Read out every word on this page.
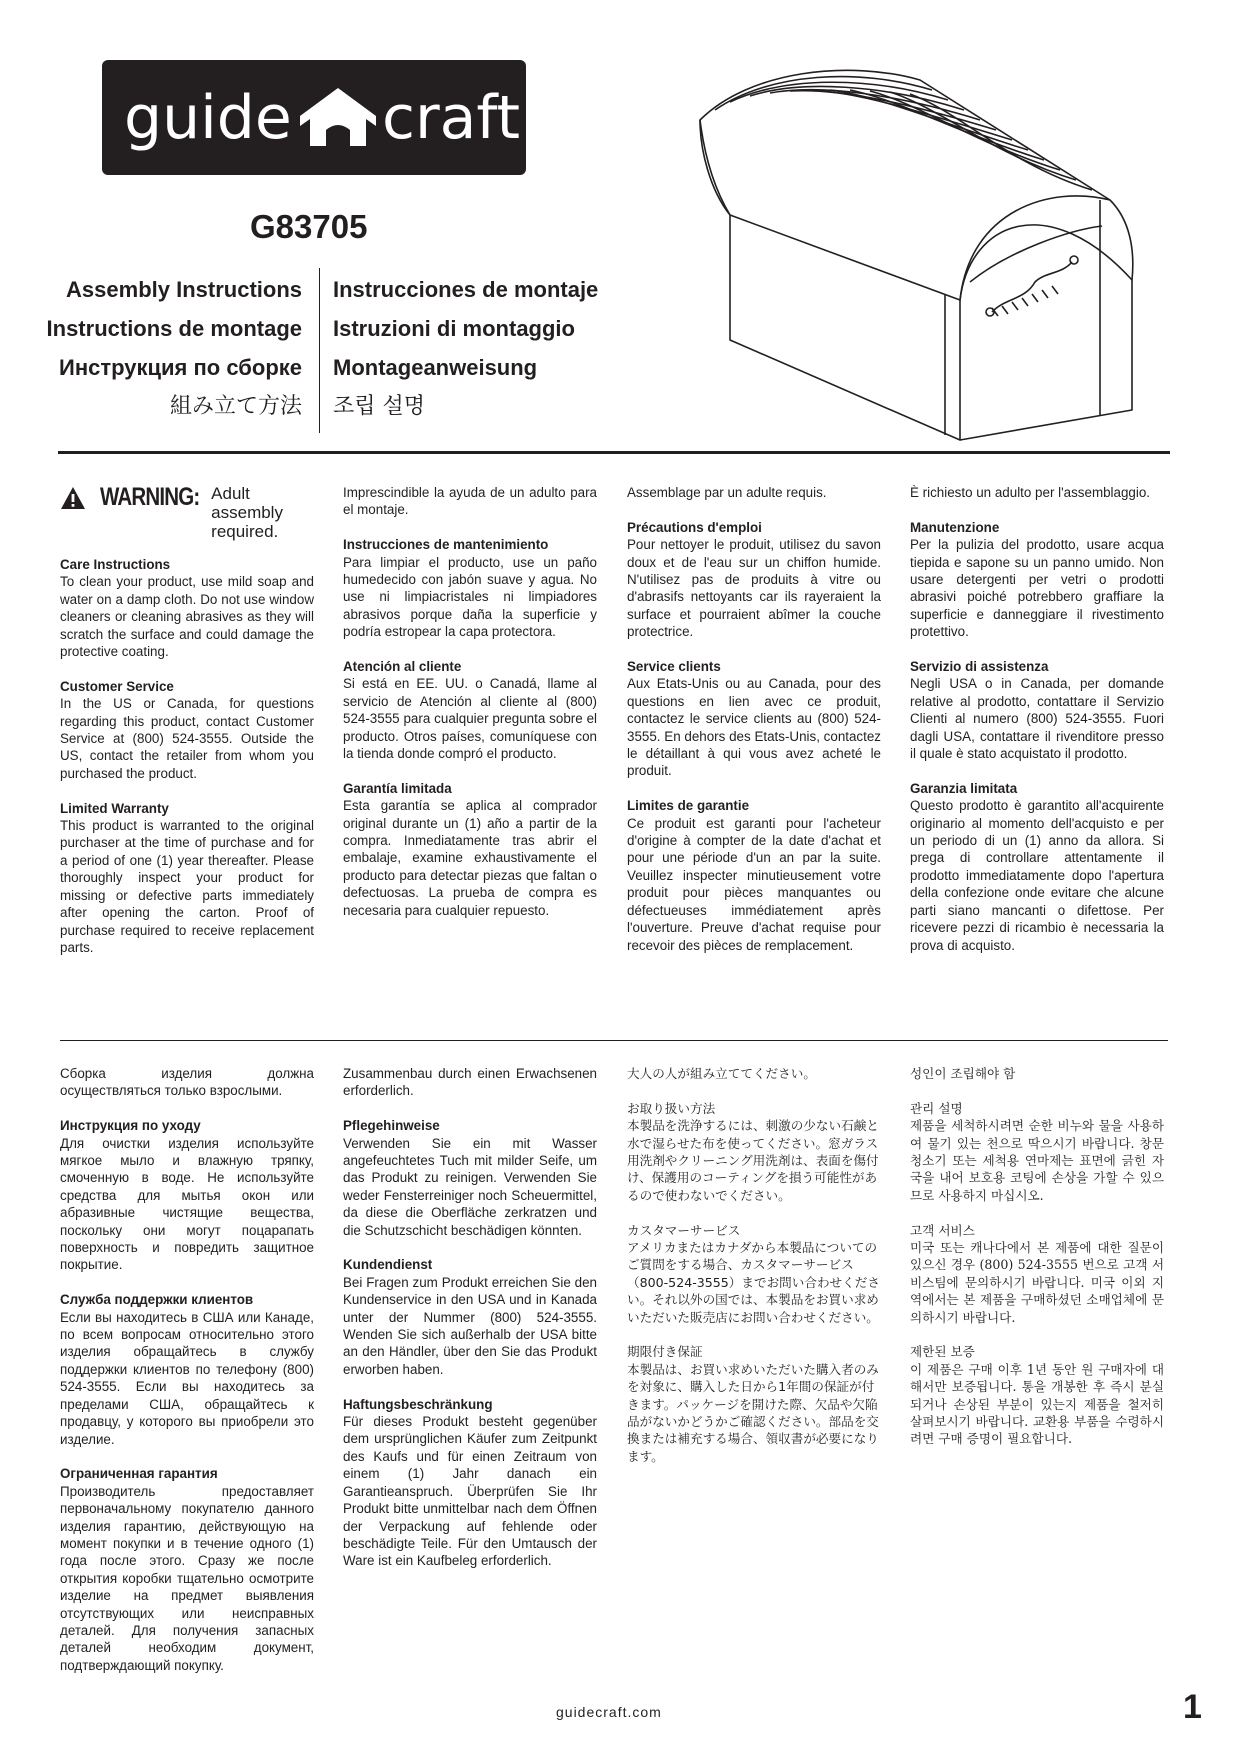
guide craft
G83705
Assembly Instructions
Instructions de montage
Инструкция по сборке
組み立て方法
Instrucciones de montaje
Istruzioni di montaggio
Montageanweisung
조립 설명
WARNING: Adult assembly required.
Care Instructions

To clean your product, use mild soap and water on a damp cloth. Do not use window cleaners or cleaning abrasives as they will scratch the surface and could damage the protective coating.

Customer Service

In the US or Canada, for questions regarding this product, contact Customer Service at (800) 524-3555. Outside the US, contact the retailer from whom you purchased the product.

Limited Warranty

This product is warranted to the original purchaser at the time of purchase and for a period of one (1) year thereafter. Please thoroughly inspect your product for missing or defective parts immediately after opening the carton. Proof of purchase required to receive replacement parts.

Imprescindible la ayuda de un adulto para el montaje.

Instrucciones de mantenimiento

Para limpiar el producto, use un paño humedecido con jabón suave y agua. No use ni limpiacristales ni limpiadores abrasivos porque daña la superficie y podría estropear la capa protectora.

Atención al cliente

Si está en EE. UU. o Canadá, llame al servicio de Atención al cliente al (800) 524-3555 para cualquier pregunta sobre el producto. Otros países, comuníquese con la tienda donde compró el producto.

Garantía limitada

Esta garantía se aplica al comprador original durante un (1) año a partir de la compra. Inmediatamente tras abrir el embalaje, examine exhaustivamente el producto para detectar piezas que faltan o defectuosas. La prueba de compra es necesaria para cualquier repuesto.

Assemblage par un adulte requis.

Précautions d'emploi

Pour nettoyer le produit, utilisez du savon doux et de l'eau sur un chiffon humide. N'utilisez pas de produits à vitre ou d'abrasifs nettoyants car ils rayeraient la surface et pourraient abîmer la couche protectrice.

Service clients

Aux Etats-Unis ou au Canada, pour des questions en lien avec ce produit, contactez le service clients au (800) 524-3555. En dehors des Etats-Unis, contactez le détaillant à qui vous avez acheté le produit.

Limites de garantie

Ce produit est garanti pour l'acheteur d'origine à compter de la date d'achat et pour une période d'un an par la suite. Veuillez inspecter minutieusement votre produit pour pièces manquantes ou défectueuses immédiatement après l'ouverture. Preuve d'achat requise pour recevoir des pièces de remplacement.

È richiesto un adulto per l'assemblaggio.

Manutenzione

Per la pulizia del prodotto, usare acqua tiepida e sapone su un panno umido. Non usare detergenti per vetri o prodotti abrasivi poiché potrebbero graffiare la superficie e danneggiare il rivestimento protettivo.

Servizio di assistenza

Negli USA o in Canada, per domande relative al prodotto, contattare il Servizio Clienti al numero (800) 524-3555. Fuori dagli USA, contattare il rivenditore presso il quale è stato acquistato il prodotto.

Garanzia limitata

Questo prodotto è garantito all'acquirente originario al momento dell'acquisto e per un periodo di un (1) anno da allora. Si prega di controllare attentamente il prodotto immediatamente dopo l'apertura della confezione onde evitare che alcune parti siano mancanti o difettose. Per ricevere pezzi di ricambio è necessaria la prova di acquisto.

Сборка изделия должна осуществляться только взрослыми.

Инструкция по уходу

Для очистки изделия используйте мягкое мыло и влажную тряпку, смоченную в воде. Не используйте средства для мытья окон или абразивные чистящие вещества, поскольку они могут поцарапать поверхность и повредить защитное покрытие.

Служба поддержки клиентов

Если вы находитесь в США или Канаде, по всем вопросам относительно этого изделия обращайтесь в службу поддержки клиентов по телефону (800) 524-3555. Если вы находитесь за пределами США, обращайтесь к продавцу, у которого вы приобрели это изделие.

Ограниченная гарантия

Производитель предоставляет первоначальному покупателю данного изделия гарантию, действующую на момент покупки и в течение одного (1) года после этого. Сразу же после открытия коробки тщательно осмотрите изделие на предмет выявления отсутствующих или неисправных деталей. Для получения запасных деталей необходим документ, подтверждающий покупку.

Zusammenbau durch einen Erwachsenen erforderlich.

Pflegehinweise

Verwenden Sie ein mit Wasser angefeuchtetes Tuch mit milder Seife, um das Produkt zu reinigen. Verwenden Sie weder Fensterreiniger noch Scheuermittel, da diese die Oberfläche zerkratzen und die Schutzschicht beschädigen könnten.

Kundendienst

Bei Fragen zum Produkt erreichen Sie den Kundenservice in den USA und in Kanada unter der Nummer (800) 524-3555. Wenden Sie sich außerhalb der USA bitte an den Händler, über den Sie das Produkt erworben haben.

Haftungsbeschränkung

Für dieses Produkt besteht gegenüber dem ursprünglichen Käufer zum Zeitpunkt des Kaufs und für einen Zeitraum von einem (1) Jahr danach ein Garantieanspruch. Überprüfen Sie Ihr Produkt bitte unmittelbar nach dem Öffnen der Verpackung auf fehlende oder beschädigte Teile. Für den Umtausch der Ware ist ein Kaufbeleg erforderlich.

大人の人が組み立ててください。

お取り扱い方法

本製品を洗浄するには、刺激の少ない石鹸と水で湿らせた布を使ってください。窓ガラス用洗剤やクリーニング用洗剤は、表面を傷付け、保護用のコーティングを損う可能性があるので使わないでください。

カスタマーサービス

アメリカまたはカナダから本製品についてのご質問をする場合、カスタマーサービス（800-524-3555）までお問い合わせください。それ以外の国では、本製品をお買い求めいただいた販売店にお問い合わせください。

期限付き保証

本製品は、お買い求めいただいた購入者のみを対象に、購入した日から1年間の保証が付きます。パッケージを開けた際、欠品や欠陥品がないかどうかご確認ください。部品を交換または補充する場合、領収書が必要になります。

성인이 조립해야 함

관리 설명

제품을 세척하시려면 순한 비누와 물을 사용하여 물기 있는 천으로 딱으시기 바랍니다. 창문 청소기 또는 세척용 연마제는 표면에 긁힌 자국을 내어 보호용 코팅에 손상을 가할 수 있으므로 사용하지 마십시오.

고객 서비스

미국 또는 캐나다에서 본 제품에 대한 질문이 있으신 경우 (800) 524-3555 번으로 고객 서비스팀에 문의하시기 바랍니다. 미국 이외 지역에서는 본 제품을 구매하셨던 소매업체에 문의하시기 바랍니다.

제한된 보증

이 제품은 구매 이후 1년 동안 원 구매자에 대해서만 보증됩니다. 통을 개봉한 후 즉시 분실되거나 손상된 부분이 있는지 제품을 철저히 살펴보시기 바랍니다. 교환용 부품을 수령하시려면 구매 증명이 필요합니다.

guidecraft.com	1
